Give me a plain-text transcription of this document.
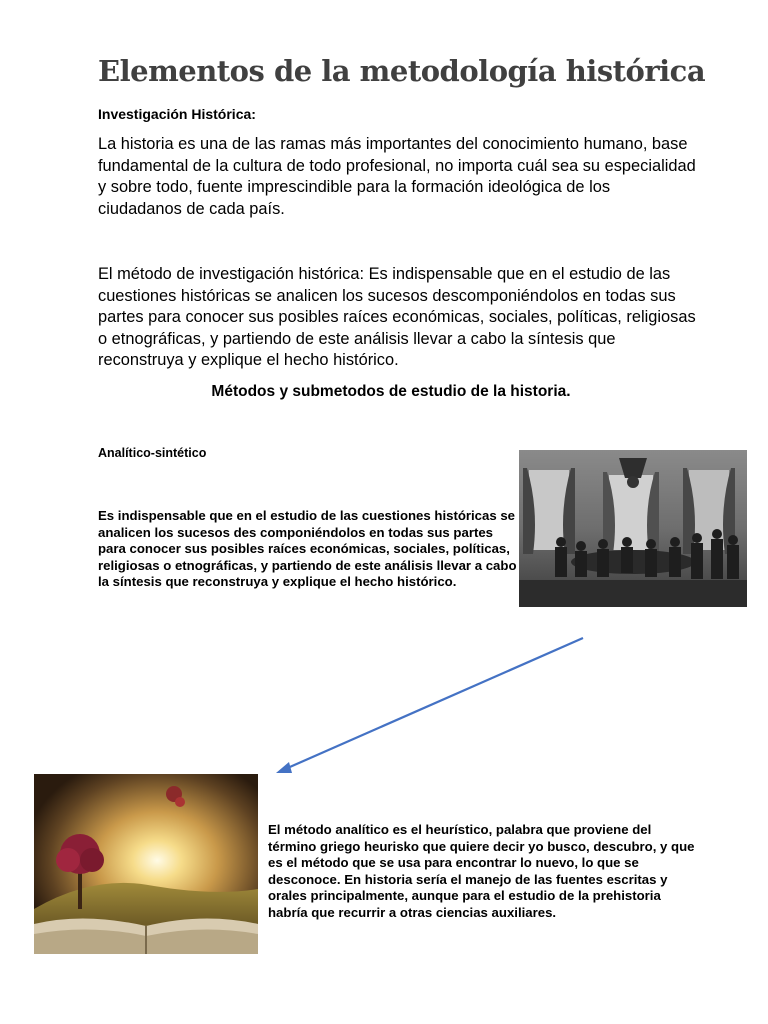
Elementos de la metodología histórica
Investigación Histórica:
La historia es una de las ramas más importantes del conocimiento humano, base fundamental de la cultura de todo profesional, no importa cuál sea su especialidad y sobre todo, fuente imprescindible para la formación ideológica de los ciudadanos de cada país.
El método de investigación histórica: Es indispensable que en el estudio de las cuestiones históricas se analicen los sucesos descomponiéndolos en todas sus partes para conocer sus posibles raíces económicas, sociales, políticas, religiosas o etnográficas, y partiendo de este análisis llevar a cabo la síntesis que reconstruya y explique el hecho histórico.
Métodos y submetodos de estudio de la historia.
Analítico-sintético
Es indispensable que en el estudio de las cuestiones históricas se analicen los sucesos des componiéndolos en todas sus partes para conocer sus posibles raíces económicas, sociales, políticas, religiosas o etnográficas, y partiendo de este análisis llevar a cabo la síntesis que reconstruya y explique el hecho histórico.
El método analítico es el heurístico, palabra que proviene del término griego heurisko que quiere decir yo busco, descubro, y que es el método que se usa para encontrar lo nuevo, lo que se desconoce. En historia sería el manejo de las fuentes escritas y orales principalmente, aunque para el estudio de la prehistoria habría que recurrir a otras ciencias auxiliares.
